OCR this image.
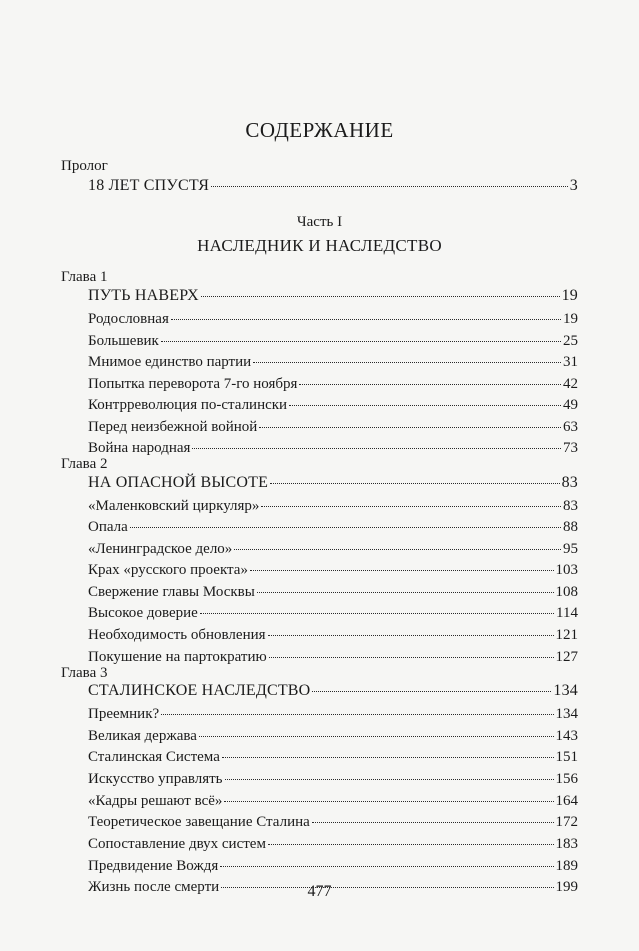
СОДЕРЖАНИЕ
Пролог
18 ЛЕТ СПУСТЯ	3
Часть I
НАСЛЕДНИК И НАСЛЕДСТВО
Глава 1
ПУТЬ НАВЕРХ	19
Родословная	19
Большевик	25
Мнимое единство партии	31
Попытка переворота 7-го ноября	42
Контрреволюция по-сталински	49
Перед неизбежной войной	63
Война народная	73
Глава 2
НА ОПАСНОЙ ВЫСОТЕ	83
«Маленковский циркуляр»	83
Опала	88
«Ленинградское дело»	95
Крах «русского проекта»	103
Свержение главы Москвы	108
Высокое доверие	114
Необходимость обновления	121
Покушение на партократию	127
Глава 3
СТАЛИНСКОЕ НАСЛЕДСТВО	134
Преемник?	134
Великая держава	143
Сталинская Система	151
Искусство управлять	156
«Кадры решают всё»	164
Теоретическое завещание Сталина	172
Сопоставление двух систем	183
Предвидение Вождя	189
Жизнь после смерти	199
477
